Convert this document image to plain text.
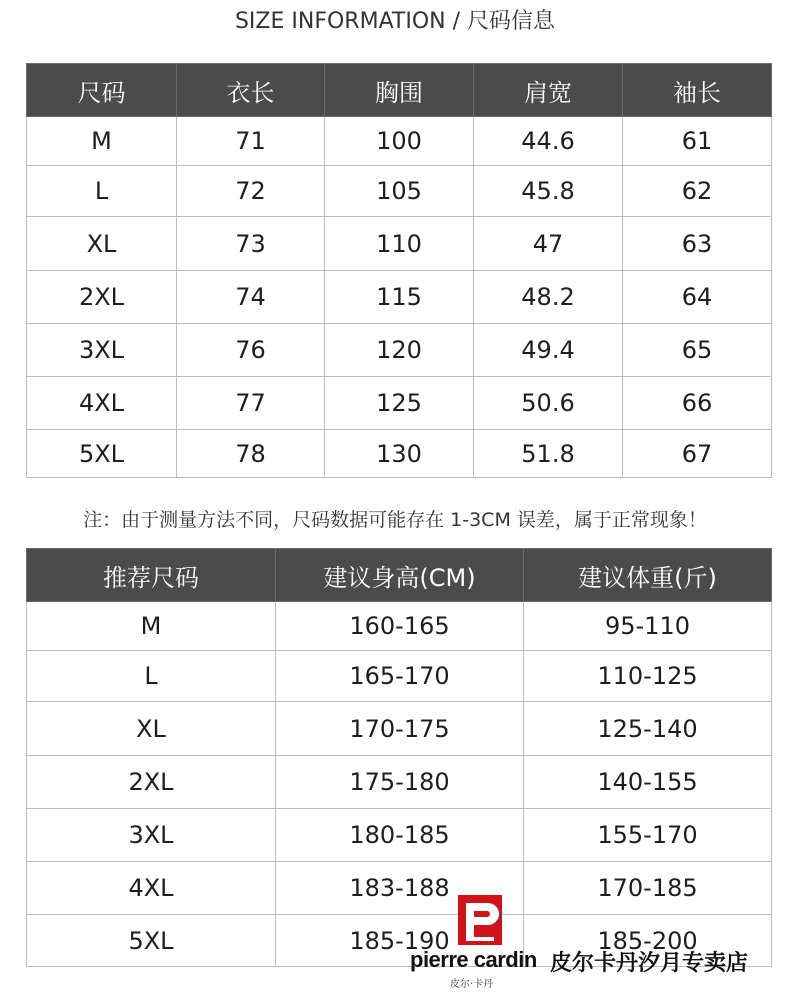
SIZE INFORMATION / 尺码信息
尺码	衣长	胸围	肩宽	袖长
M	71	100	44.6	61
L	72	105	45.8	62
XL	73	110	47	63
2XL	74	115	48.2	64
3XL	76	120	49.4	65
4XL	77	125	50.6	66
5XL	78	130	51.8	67
注：由于测量方法不同，尺码数据可能存在 1-3CM 误差，属于正常现象！
推荐尺码	建议身高(CM)	建议体重(斤)
M	160-165	95-110
L	165-170	110-125
XL	170-175	125-140
2XL	175-180	140-155
3XL	180-185	155-170
4XL	183-188	170-185
5XL	185-190	185-200
pierre cardin 皮尔卡丹汐月专卖店
皮尔·卡丹
